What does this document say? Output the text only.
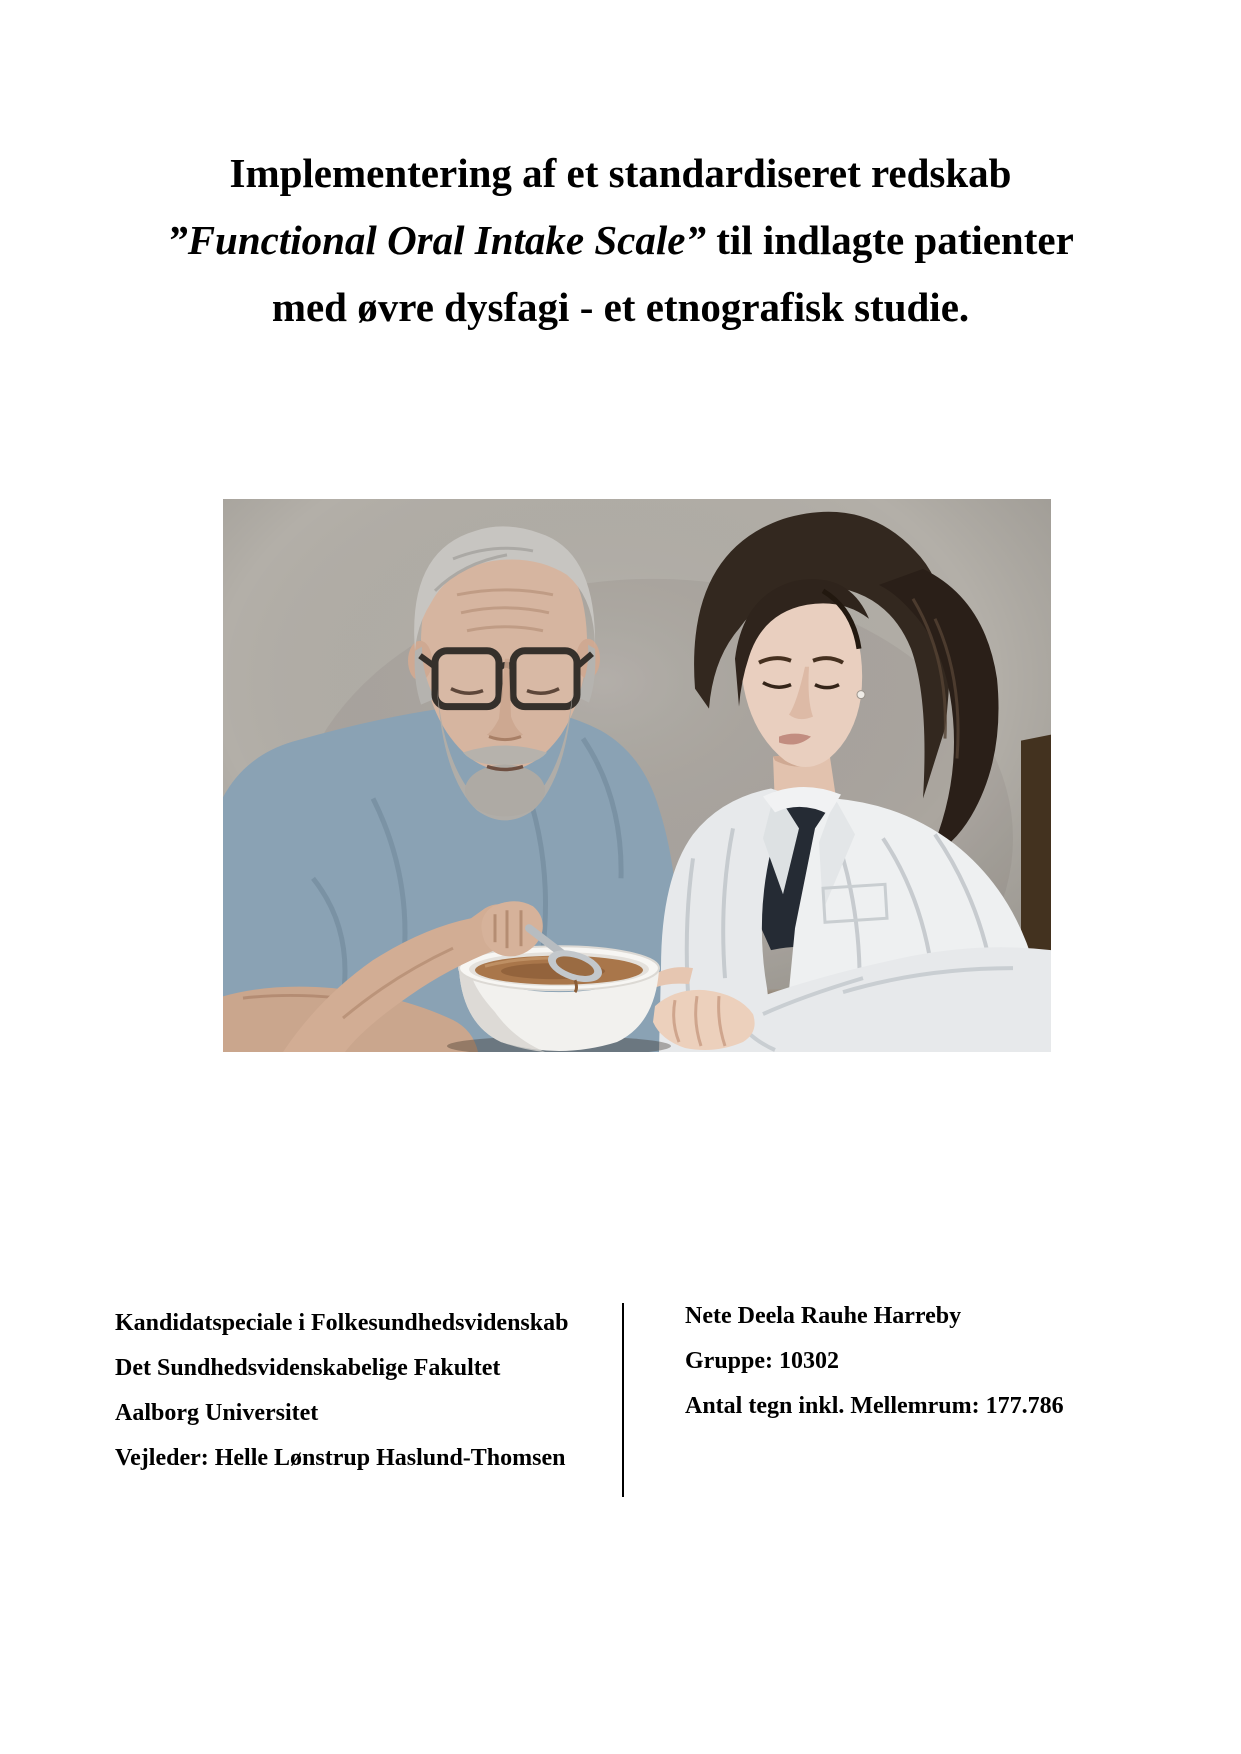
Implementering af et standardiseret redskab
”Functional Oral Intake Scale” til indlagte patienter
med øvre dysfagi - et etnografisk studie.

Kandidatspeciale i Folkesundhedsvidenskab

Det Sundhedsvidenskabelige Fakultet

Aalborg Universitet

Vejleder: Helle Lønstrup Haslund-Thomsen

Nete Deela Rauhe Harreby

Gruppe: 10302

Antal tegn inkl. Mellemrum: 177.786
